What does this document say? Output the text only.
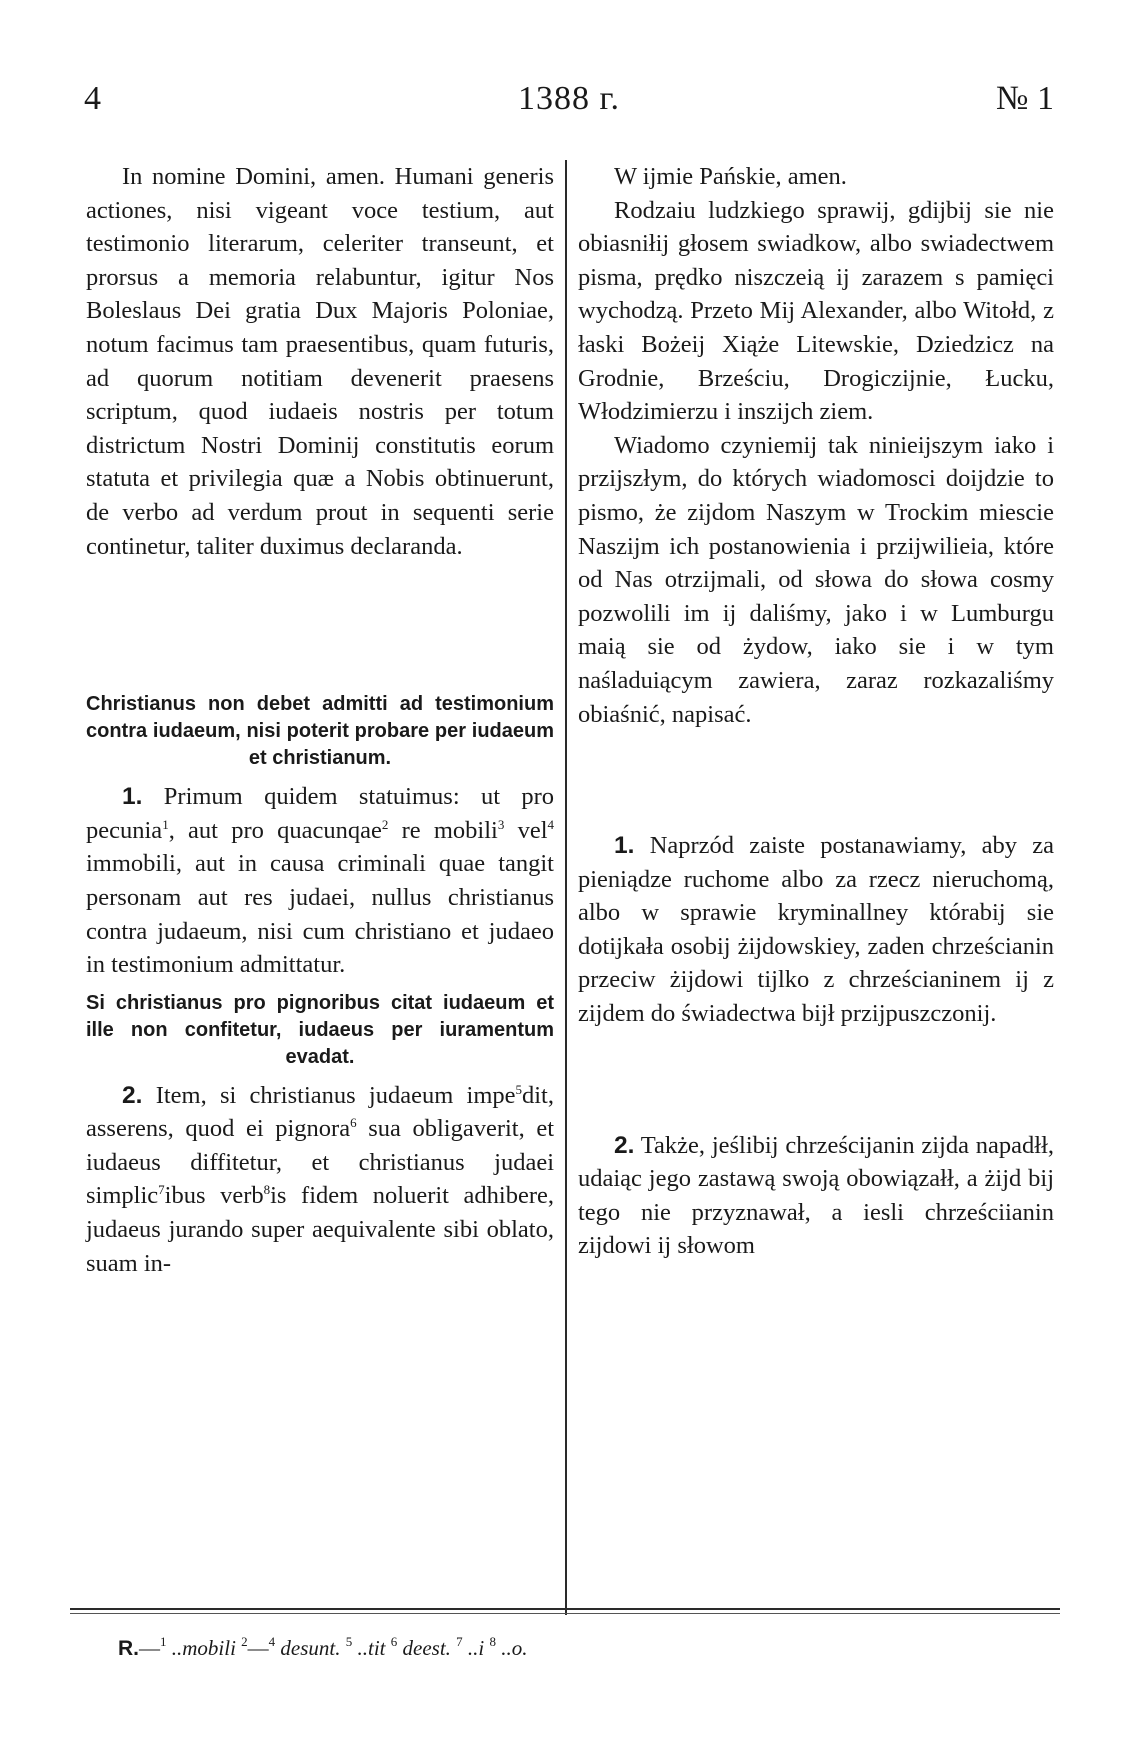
4	1388 г.	№ 1

In nomine Domini, amen. Humani generis actiones, nisi vigeant voce testium, aut testimonio literarum, celeriter transeunt, et prorsus a memoria relabuntur, igitur Nos Boleslaus Dei gratia Dux Majoris Poloniae, notum facimus tam praesentibus, quam futuris, ad quorum notitiam devenerit praesens scriptum, quod iudaeis nostris per totum districtum Nostri Dominij constitutis eorum statuta et privilegia quæ a Nobis obtinuerunt, de verbo ad verdum prout in sequenti serie continetur, taliter duximus declaranda.

Christianus non debet admitti ad testimonium contra iudaeum, nisi poterit probare per iudaeum et christianum.

1. Primum quidem statuimus: ut pro pecunia$^1$, aut pro quacunqae$^2$ re mobili$^3$ vel$^4$ immobili, aut in causa criminali quae tangit personam aut res judaei, nullus christianus contra judaeum, nisi cum christiano et judaeo in testimonium admittatur.

Si christianus pro pignoribus citat iudaeum et ille non confitetur, iudaeus per iuramentum evadat.

2. Item, si christianus judaeum impe$^5$dit, asserens, quod ei pignora$^6$ sua obligaverit, et iudaeus diffitetur, et christianus judaei simplic$^7$ibus verb$^8$is fidem noluerit adhibere, judaeus jurando super aequivalente sibi oblato, suam in-

W ijmie Pańskie, amen.

Rodzaiu ludzkiego sprawij, gdijbij sie nie obiasniłij głosem swiadkow, albo swiadectwem pisma, prędko niszczeią ij zarazem s pamięci wychodzą. Przeto Mij Alexander, albo Witołd, z łaski Bożeij Xiąże Litewskie, Dziedzicz na Grodnie, Brześciu, Drogiczijnie, Łucku, Włodzimierzu i inszijch ziem.

Wiadomo czyniemij tak ninieijszym iako i przijszłym, do których wiadomosci doijdzie to pismo, że zijdom Naszym w Trockim miescie Naszijm ich postanowienia i przijwilieia, które od Nas otrzijmali, od słowa do słowa cosmy pozwolili im ij daliśmy, jako i w Lumburgu maią sie od żydow, iako sie i w tym naśladuiącym zawiera, zaraz rozkazaliśmy obiaśnić, napisać.

1. Naprzód zaiste postanawiamy, aby za pieniądze ruchome albo za rzecz nieruchomą, albo w sprawie kryminallney którabij sie dotijkała osobij żijdowskiey, zaden chrześcianin przeciw żijdowi tijlko z chrześcianinem ij z zijdem do świadectwa bijł przijpuszczonij.

2. Także, jeślibij chrześcijanin zijda napadłł, udaiąc jego zastawą swoją obowiązałł, a żijd bij tego nie przyznawał, a iesli chrześciianin zijdowi ij słowom

R.—$^1$ ..mobili $^2$—$^4$ desunt. $^5$ ..tit $^6$ deest. $^7$ ..i $^8$ ..o.
